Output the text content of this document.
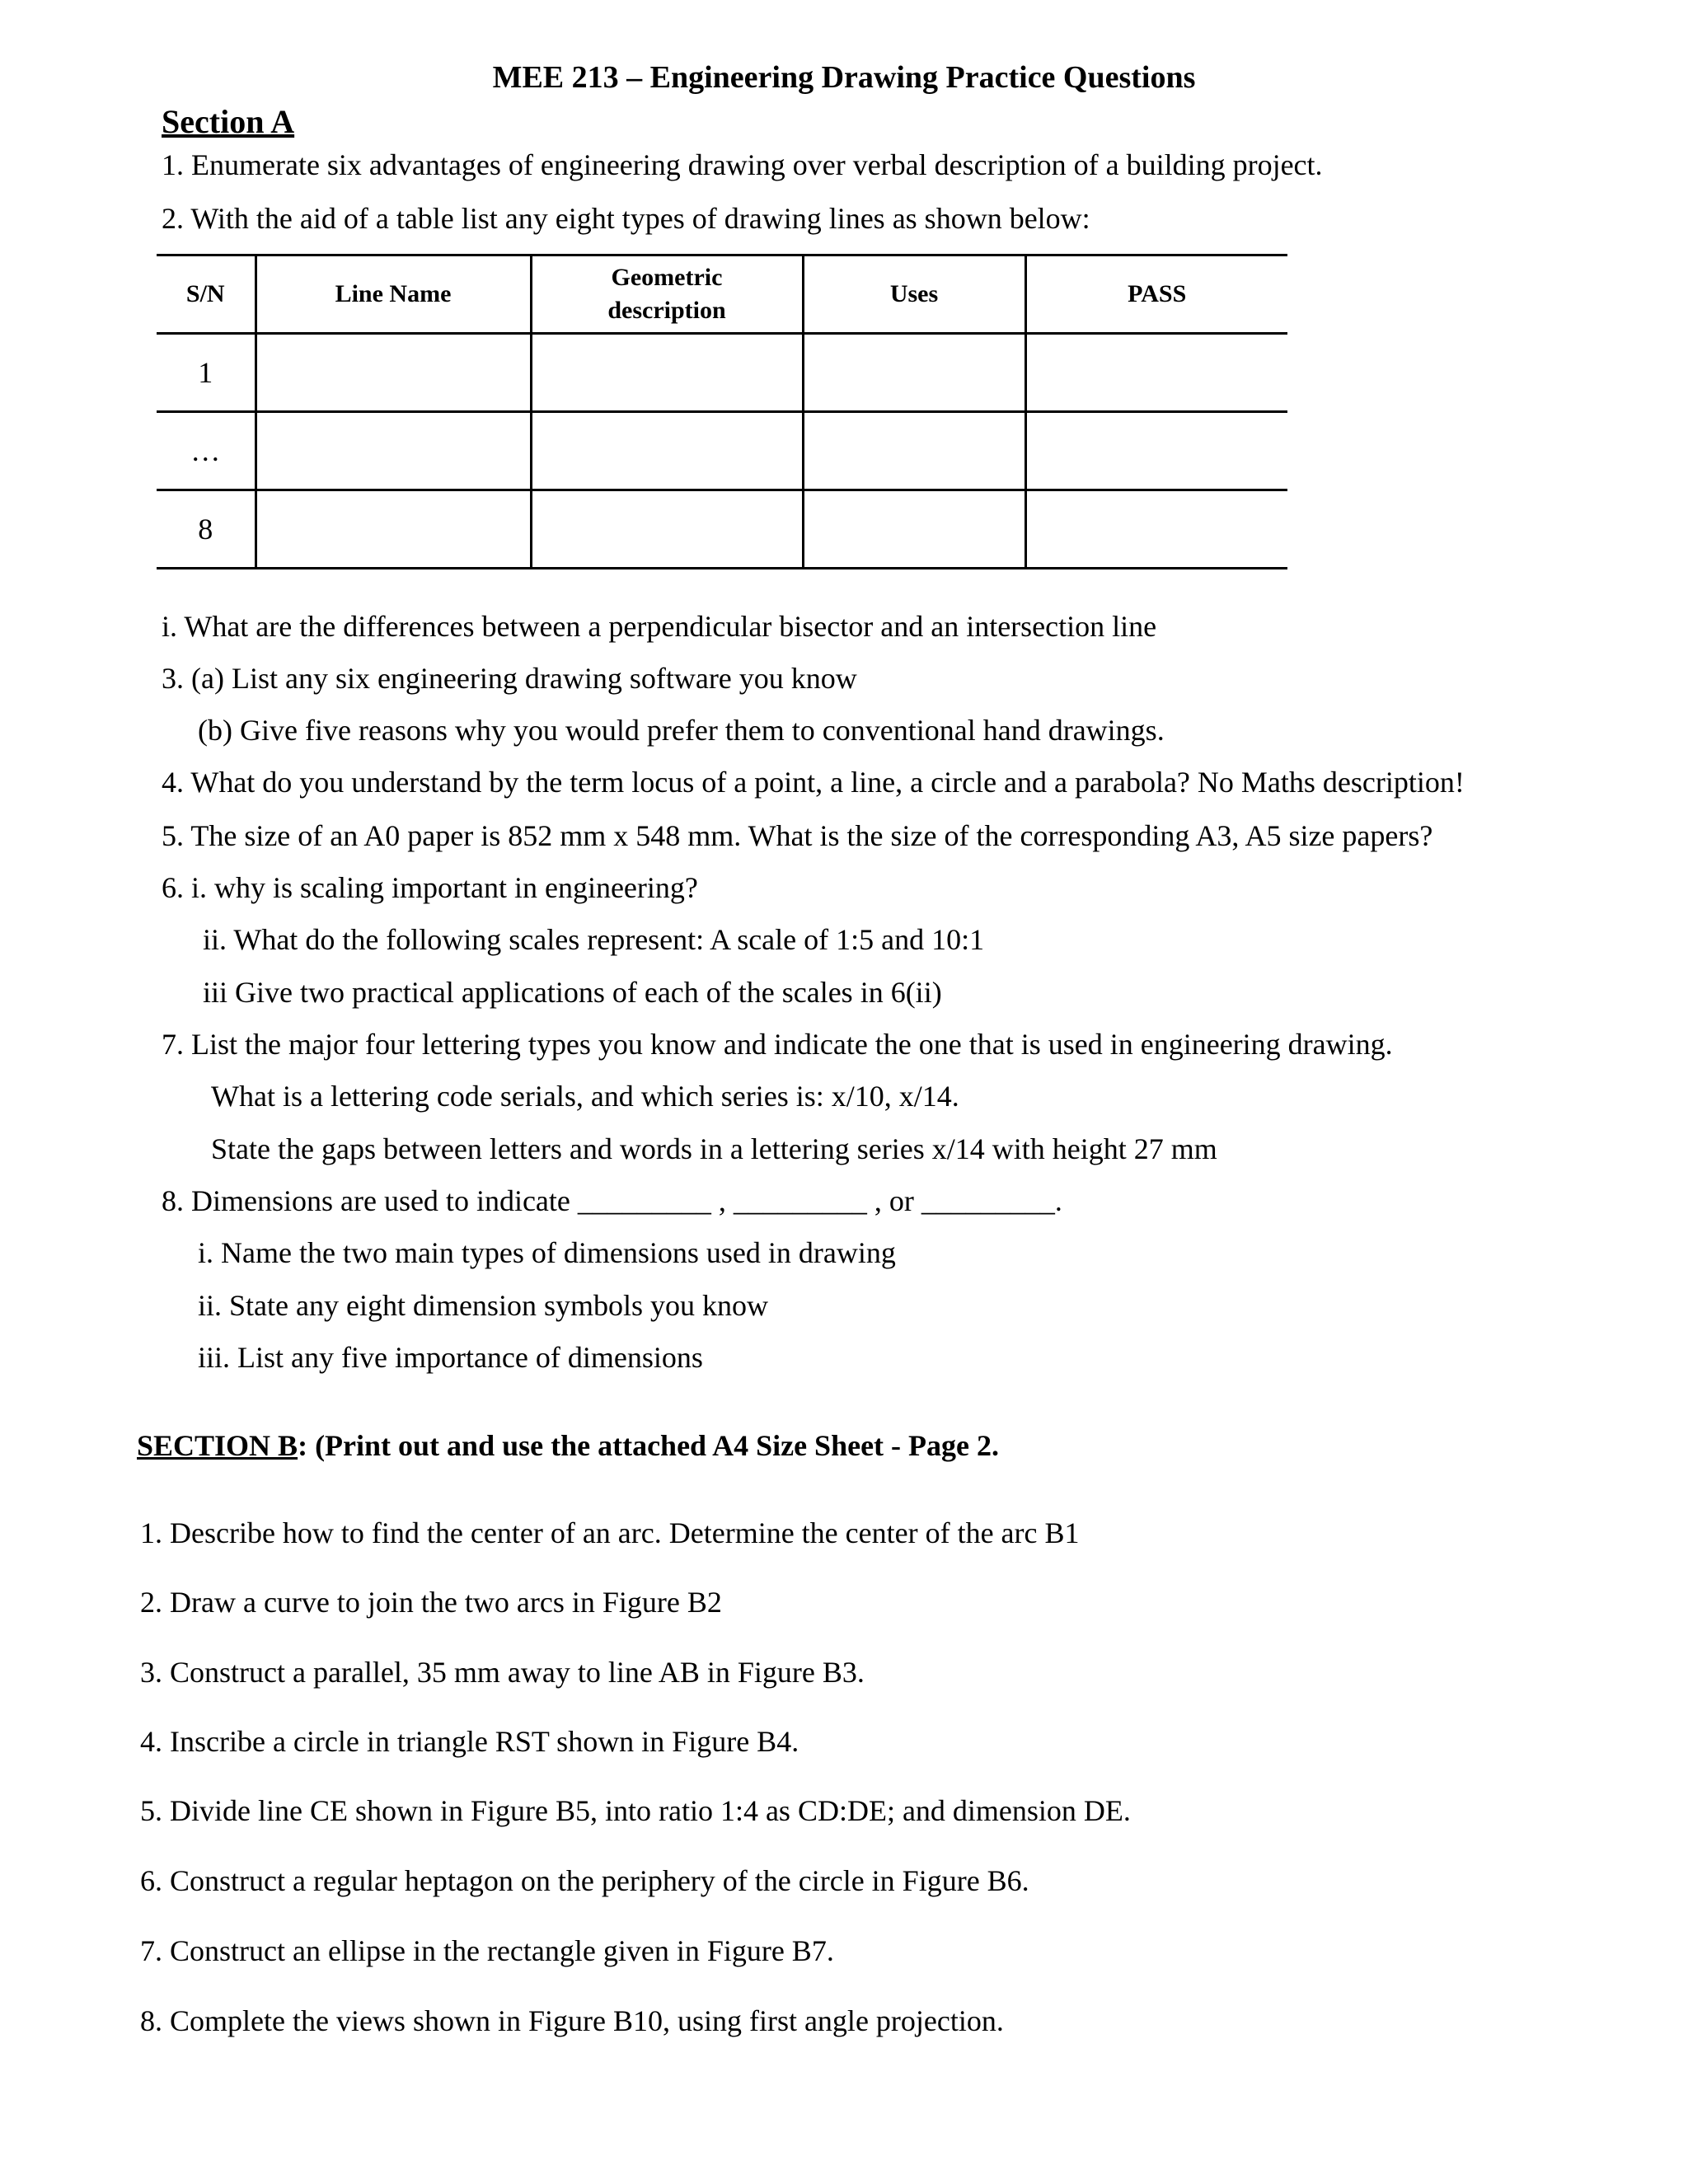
MEE 213 – Engineering Drawing Practice Questions
Section A
1. Enumerate six advantages of engineering drawing over verbal description of a building project.
2. With the aid of a table list any eight types of drawing lines as shown below:
S/N	Line Name	Geometric description	Uses	PASS
1				
…				
8				
i. What are the differences between a perpendicular bisector and an intersection line
3. (a) List any six engineering drawing software you know
(b) Give five reasons why you would prefer them to conventional hand drawings.
4. What do you understand by the term locus of a point, a line, a circle and a parabola? No Maths description!
5. The size of an A0 paper is 852 mm x 548 mm. What is the size of the corresponding A3, A5 size papers?
6. i. why is scaling important in engineering?
ii. What do the following scales represent: A scale of 1:5 and 10:1
iii Give two practical applications of each of the scales in 6(ii)
7. List the major four lettering types you know and indicate the one that is used in engineering drawing.
What is a lettering code serials, and which series is: x/10, x/14.
State the gaps between letters and words in a lettering series x/14 with height 27 mm
8. Dimensions are used to indicate _________ , _________ , or _________.
i. Name the two main types of dimensions used in drawing
ii. State any eight dimension symbols you know
iii. List any five importance of dimensions
SECTION B: (Print out and use the attached A4 Size Sheet - Page 2.
1. Describe how to find the center of an arc. Determine the center of the arc B1
2. Draw a curve to join the two arcs in Figure B2
3. Construct a parallel, 35 mm away to line AB in Figure B3.
4. Inscribe a circle in triangle RST shown in Figure B4.
5. Divide line CE shown in Figure B5, into ratio 1:4 as CD:DE; and dimension DE.
6. Construct a regular heptagon on the periphery of the circle in Figure B6.
7. Construct an ellipse in the rectangle given in Figure B7.
8. Complete the views shown in Figure B10, using first angle projection.
